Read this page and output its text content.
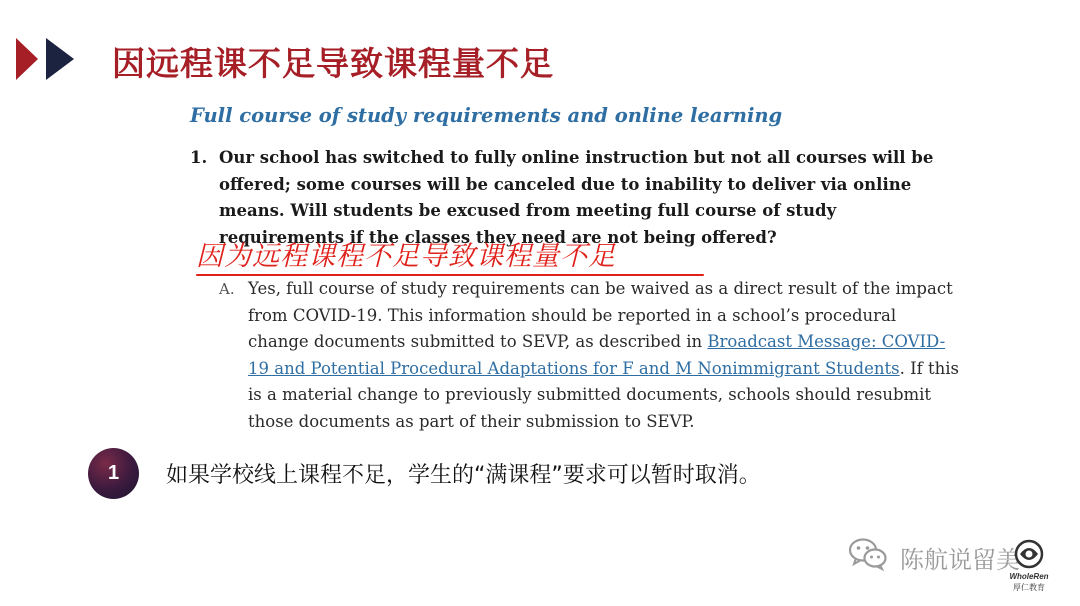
因远程课不足导致课程量不足
Full course of study requirements and online learning
1. Our school has switched to fully online instruction but not all courses will be offered; some courses will be canceled due to inability to deliver via online means. Will students be excused from meeting full course of study requirements if the classes they need are not being offered?
因为远程课程不足导致课程量不足
A. Yes, full course of study requirements can be waived as a direct result of the impact from COVID-19. This information should be reported in a school’s procedural change documents submitted to SEVP, as described in Broadcast Message: COVID-19 and Potential Procedural Adaptations for F and M Nonimmigrant Students. If this is a material change to previously submitted documents, schools should resubmit those documents as part of their submission to SEVP.
1	如果学校线上课程不足，学生的“满课程”要求可以暂时取消。
陈航说留美
WholeRen
厚仁教育
